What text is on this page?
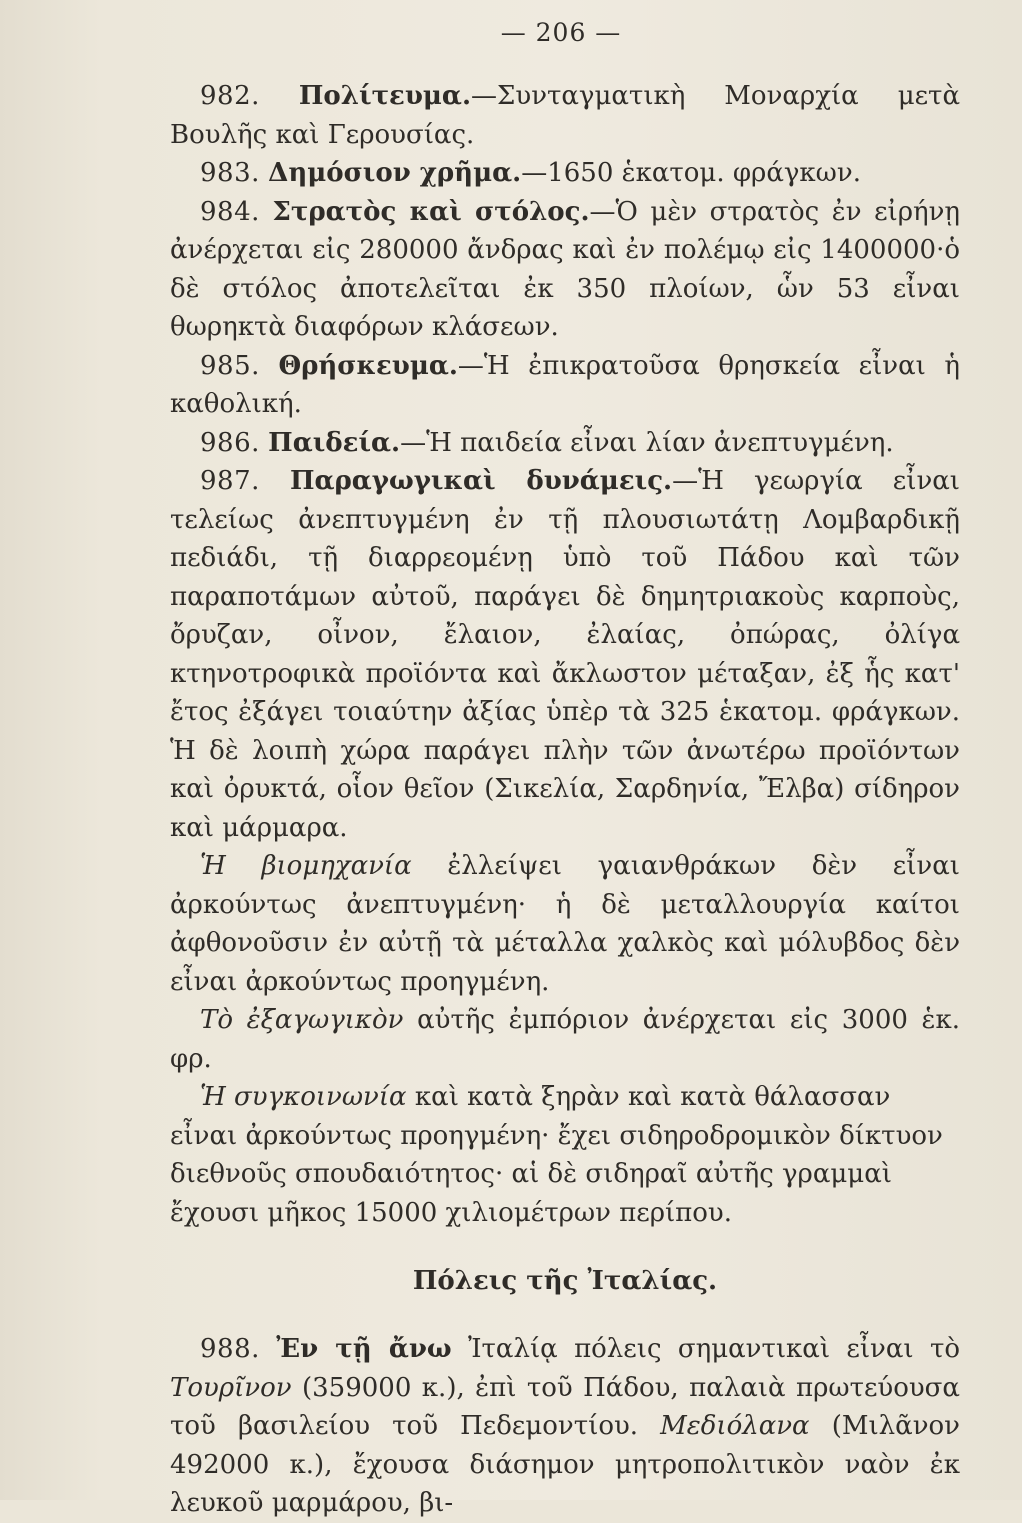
— 206 —

982. Πολίτευμα.—Συνταγματικὴ Μοναρχία μετὰ Βουλῆς καὶ Γερουσίας.

983. Δημόσιον χρῆμα.—1650 ἑκατομ. φράγκων.

984. Στρατὸς καὶ στόλος.—Ὁ μὲν στρατὸς ἐν εἰρήνῃ ἀνέρχεται εἰς 280000 ἄνδρας καὶ ἐν πολέμῳ εἰς 1400000·ὁ δὲ στόλος ἀποτελεῖται ἐκ 350 πλοίων, ὧν 53 εἶναι θωρηκτὰ διαφόρων κλάσεων.

985. Θρήσκευμα.—Ἡ ἐπικρατοῦσα θρησκεία εἶναι ἡ καθολική.

986. Παιδεία.—Ἡ παιδεία εἶναι λίαν ἀνεπτυγμένη.

987. Παραγωγικαὶ δυνάμεις.—Ἡ γεωργία εἶναι τελείως ἀνεπτυγμένη ἐν τῇ πλουσιωτάτῃ Λομβαρδικῇ πεδιάδι, τῇ διαρρεομένῃ ὑπὸ τοῦ Πάδου καὶ τῶν παραποτάμων αὐτοῦ, παράγει δὲ δημητριακοὺς καρποὺς, ὄρυζαν, οἶνον, ἔλαιον, ἐλαίας, ὀπώρας, ὀλίγα κτηνοτροφικὰ προϊόντα καὶ ἄκλωστον μέταξαν, ἐξ ἧς κατ' ἔτος ἐξάγει τοιαύτην ἀξίας ὑπὲρ τὰ 325 ἑκατομ. φράγκων. Ἡ δὲ λοιπὴ χώρα παράγει πλὴν τῶν ἀνωτέρω προϊόντων καὶ ὀρυκτά, οἷον θεῖον (Σικελία, Σαρδηνία, Ἔλβα) σίδηρον καὶ μάρμαρα.

Ἡ βιομηχανία ἐλλείψει γαιανθράκων δὲν εἶναι ἀρκούντως ἀνεπτυγμένη· ἡ δὲ μεταλλουργία καίτοι ἀφθονοῦσιν ἐν αὐτῇ τὰ μέταλλα χαλκὸς καὶ μόλυβδος δὲν εἶναι ἀρκούντως προηγμένη.

Τὸ ἐξαγωγικὸν αὐτῆς ἐμπόριον ἀνέρχεται εἰς 3000 ἑκ. φρ.

Ἡ συγκοινωνία καὶ κατὰ ξηρὰν καὶ κατὰ θάλασσαν εἶναι ἀρκούντως προηγμένη· ἔχει σιδηροδρομικὸν δίκτυον διεθνοῦς σπουδαιότητος· αἱ δὲ σιδηραῖ αὐτῆς γραμμαὶ ἔχουσι μῆκος 15000 χιλιομέτρων περίπου.

Πόλεις τῆς Ἰταλίας.

988. Ἐν τῇ ἄνω Ἰταλίᾳ πόλεις σημαντικαὶ εἶναι τὸ Τουρῖνον (359000 κ.), ἐπὶ τοῦ Πάδου, παλαιὰ πρωτεύουσα τοῦ βασιλείου τοῦ Πεδεμοντίου. Μεδιόλανα (Μιλᾶνον 492000 κ.), ἔχουσα διάσημον μητροπολιτικὸν ναὸν ἐκ λευκοῦ μαρμάρου, βι-
